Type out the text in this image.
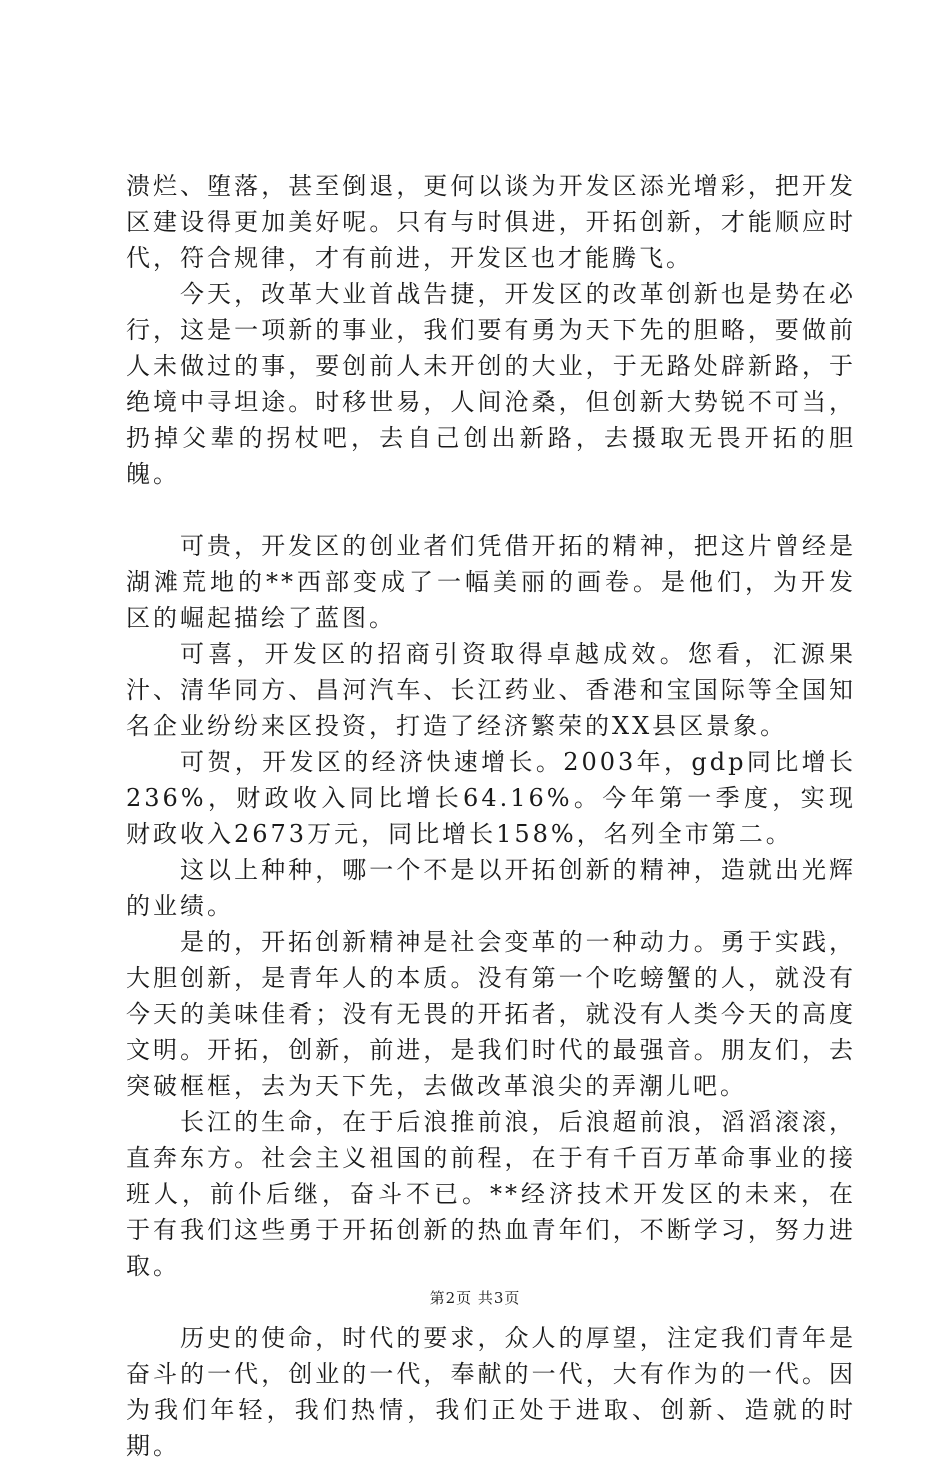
溃烂、堕落，甚至倒退，更何以谈为开发区添光增彩，把开发区建设得更加美好呢。只有与时俱进，开拓创新，才能顺应时代，符合规律，才有前进，开发区也才能腾飞。

今天，改革大业首战告捷，开发区的改革创新也是势在必行，这是一项新的事业，我们要有勇为天下先的胆略，要做前人未做过的事，要创前人未开创的大业，于无路处辟新路，于绝境中寻坦途。时移世易，人间沧桑，但创新大势锐不可当，扔掉父辈的拐杖吧，去自己创出新路，去摄取无畏开拓的胆魄。

可贵，开发区的创业者们凭借开拓的精神，把这片曾经是湖滩荒地的**西部变成了一幅美丽的画卷。是他们，为开发区的崛起描绘了蓝图。

可喜，开发区的招商引资取得卓越成效。您看，汇源果汁、清华同方、昌河汽车、长江药业、香港和宝国际等全国知名企业纷纷来区投资，打造了经济繁荣的XX县区景象。

可贺，开发区的经济快速增长。2003年，gdp同比增长236%，财政收入同比增长64.16%。今年第一季度，实现财政收入2673万元，同比增长158%，名列全市第二。

这以上种种，哪一个不是以开拓创新的精神，造就出光辉的业绩。

是的，开拓创新精神是社会变革的一种动力。勇于实践，大胆创新，是青年人的本质。没有第一个吃螃蟹的人，就没有今天的美味佳肴；没有无畏的开拓者，就没有人类今天的高度文明。开拓，创新，前进，是我们时代的最强音。朋友们，去突破框框，去为天下先，去做改革浪尖的弄潮儿吧。

长江的生命，在于后浪推前浪，后浪超前浪，滔滔滚滚，直奔东方。社会主义祖国的前程，在于有千百万革命事业的接班人，前仆后继，奋斗不已。**经济技术开发区的未来，在于有我们这些勇于开拓创新的热血青年们，不断学习，努力进取。

历史的使命，时代的要求，众人的厚望，注定我们青年是奋斗的一代，创业的一代，奉献的一代，大有作为的一代。因为我们年轻，我们热情，我们正处于进取、创新、造就的时期。

第2页 共3页
